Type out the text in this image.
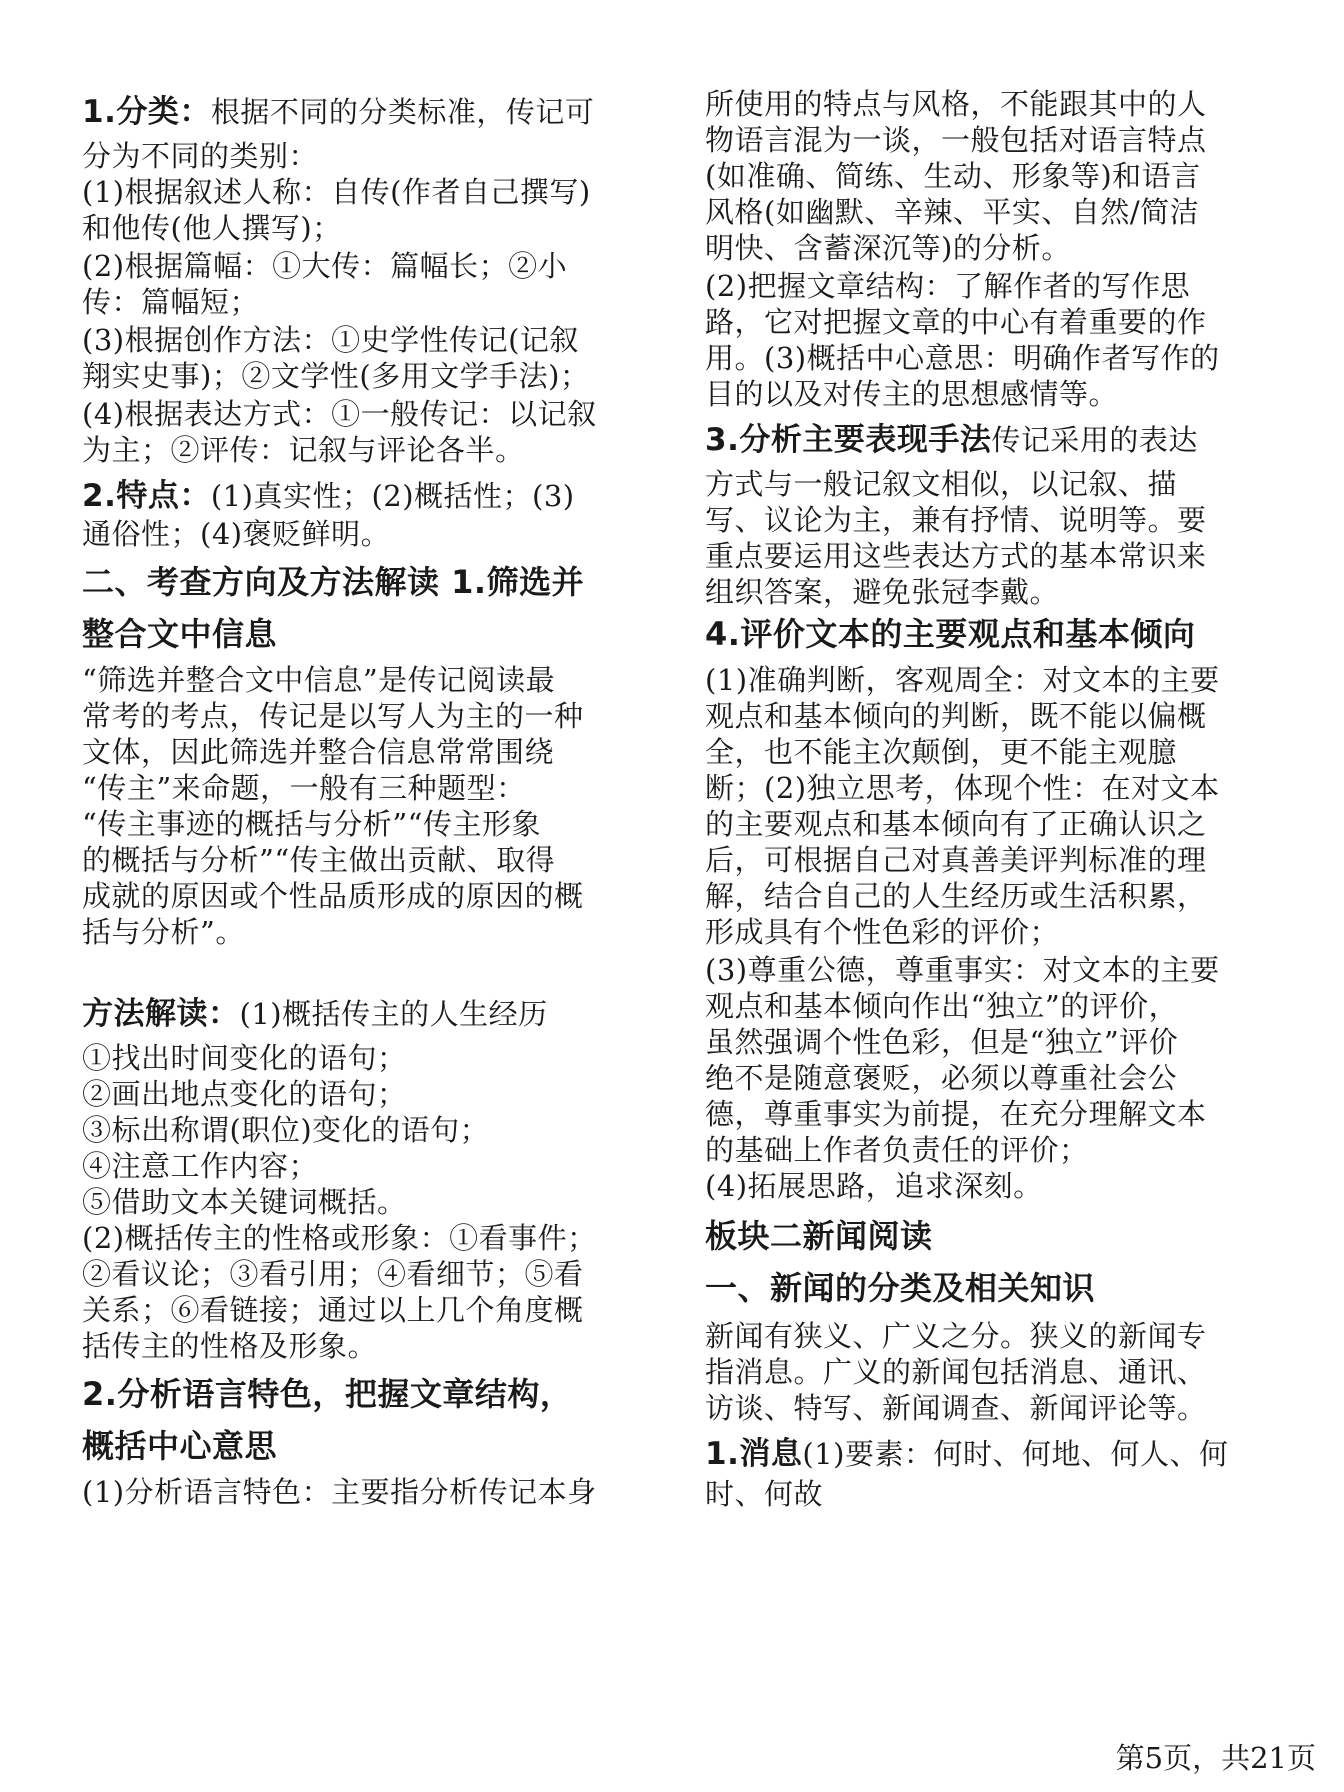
1.分类：根据不同的分类标准，传记可
分为不同的类别：
(1)根据叙述人称：自传(作者自己撰写)
和他传(他人撰写)；
(2)根据篇幅：①大传：篇幅长；②小
传：篇幅短；
(3)根据创作方法：①史学性传记(记叙
翔实史事)；②文学性(多用文学手法)；
(4)根据表达方式：①一般传记：以记叙
为主；②评传：记叙与评论各半。
2.特点：(1)真实性；(2)概括性；(3)
通俗性；(4)褒贬鲜明。
二、考查方向及方法解读 1.筛选并
整合文中信息
“筛选并整合文中信息”是传记阅读最
常考的考点，传记是以写人为主的一种
文体，因此筛选并整合信息常常围绕
“传主”来命题，一般有三种题型：
“传主事迹的概括与分析”“传主形象
的概括与分析”“传主做出贡献、取得
成就的原因或个性品质形成的原因的概
括与分析”。
方法解读：(1)概括传主的人生经历
①找出时间变化的语句；
②画出地点变化的语句；
③标出称谓(职位)变化的语句；
④注意工作内容；
⑤借助文本关键词概括。
(2)概括传主的性格或形象：①看事件；
②看议论；③看引用；④看细节；⑤看
关系；⑥看链接；通过以上几个角度概
括传主的性格及形象。
2.分析语言特色，把握文章结构，
概括中心意思
(1)分析语言特色：主要指分析传记本身
所使用的特点与风格，不能跟其中的人
物语言混为一谈，一般包括对语言特点
(如准确、简练、生动、形象等)和语言
风格(如幽默、辛辣、平实、自然/简洁
明快、含蓄深沉等)的分析。
(2)把握文章结构：了解作者的写作思
路，它对把握文章的中心有着重要的作
用。(3)概括中心意思：明确作者写作的
目的以及对传主的思想感情等。
3.分析主要表现手法传记采用的表达
方式与一般记叙文相似，以记叙、描
写、议论为主，兼有抒情、说明等。要
重点要运用这些表达方式的基本常识来
组织答案，避免张冠李戴。
4.评价文本的主要观点和基本倾向
(1)准确判断，客观周全：对文本的主要
观点和基本倾向的判断，既不能以偏概
全，也不能主次颠倒，更不能主观臆
断；(2)独立思考，体现个性：在对文本
的主要观点和基本倾向有了正确认识之
后，可根据自己对真善美评判标准的理
解，结合自己的人生经历或生活积累，
形成具有个性色彩的评价；
(3)尊重公德，尊重事实：对文本的主要
观点和基本倾向作出“独立”的评价，
虽然强调个性色彩，但是“独立”评价
绝不是随意褒贬，必须以尊重社会公
德，尊重事实为前提，在充分理解文本
的基础上作者负责任的评价；
(4)拓展思路，追求深刻。
板块二新闻阅读
一、新闻的分类及相关知识
新闻有狭义、广义之分。狭义的新闻专
指消息。广义的新闻包括消息、通讯、
访谈、特写、新闻调查、新闻评论等。
1.消息(1)要素：何时、何地、何人、何
时、何故
第5页，共21页
